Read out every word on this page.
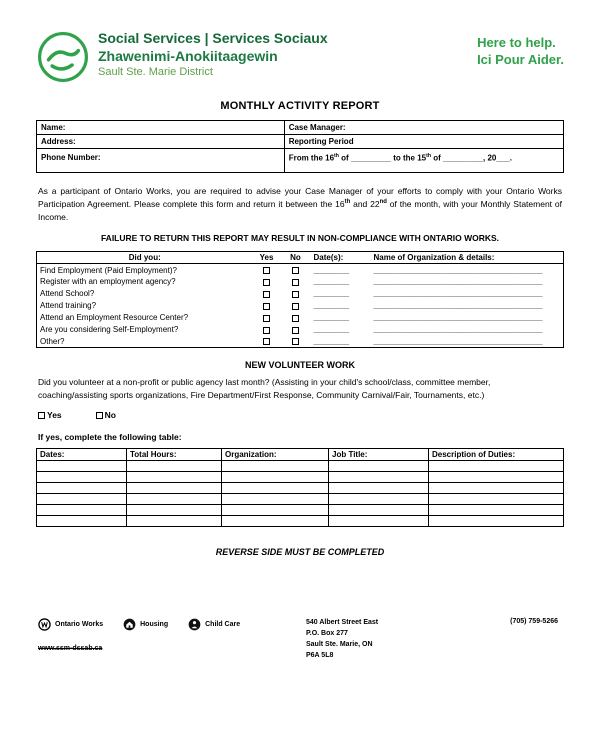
Social Services | Services Sociaux
Zhawenimi-Anokiitaagewin
Sault Ste. Marie District
Here to help.
Ici Pour Aider.
MONTHLY ACTIVITY REPORT
Name:	Case Manager:
Address:	Reporting Period
Phone Number:	From the 16th of _________ to the 15th of _________, 20___.

As a participant of Ontario Works, you are required to advise your Case Manager of your efforts to comply with your Ontario Works Participation Agreement. Please complete this form and return it between the 16th and 22nd of the month, with your Monthly Statement of Income.

FAILURE TO RETURN THIS REPORT MAY RESULT IN NON-COMPLIANCE WITH ONTARIO WORKS.
Did you:	Yes	No	Date(s):	Name of Organization & details:
Find Employment (Paid Employment)?			________	______________________________________
Register with an employment agency?			________	______________________________________
Attend School?			________	______________________________________
Attend training?			________	______________________________________
Attend an Employment Resource Center?			________	______________________________________
Are you considering Self-Employment?			________	______________________________________
Other?			________	______________________________________
NEW VOLUNTEER WORK

Did you volunteer at a non-profit or public agency last month? (Assisting in your child's school/class, committee member, coaching/assisting sports organizations, Fire Department/First Response, Community Carnival/Fair, Tournaments, etc.)

Yes	No
If yes, complete the following table:
Dates:	Total Hours:	Organization:	Job Title:	Description of Duties:

REVERSE SIDE MUST BE COMPLETED
Ontario Works	Housing	Child Care
www.ssm-dssab.ca
540 Albert Street East
P.O. Box 277
Sault Ste. Marie, ON
P6A 5L8
(705) 759-5266
